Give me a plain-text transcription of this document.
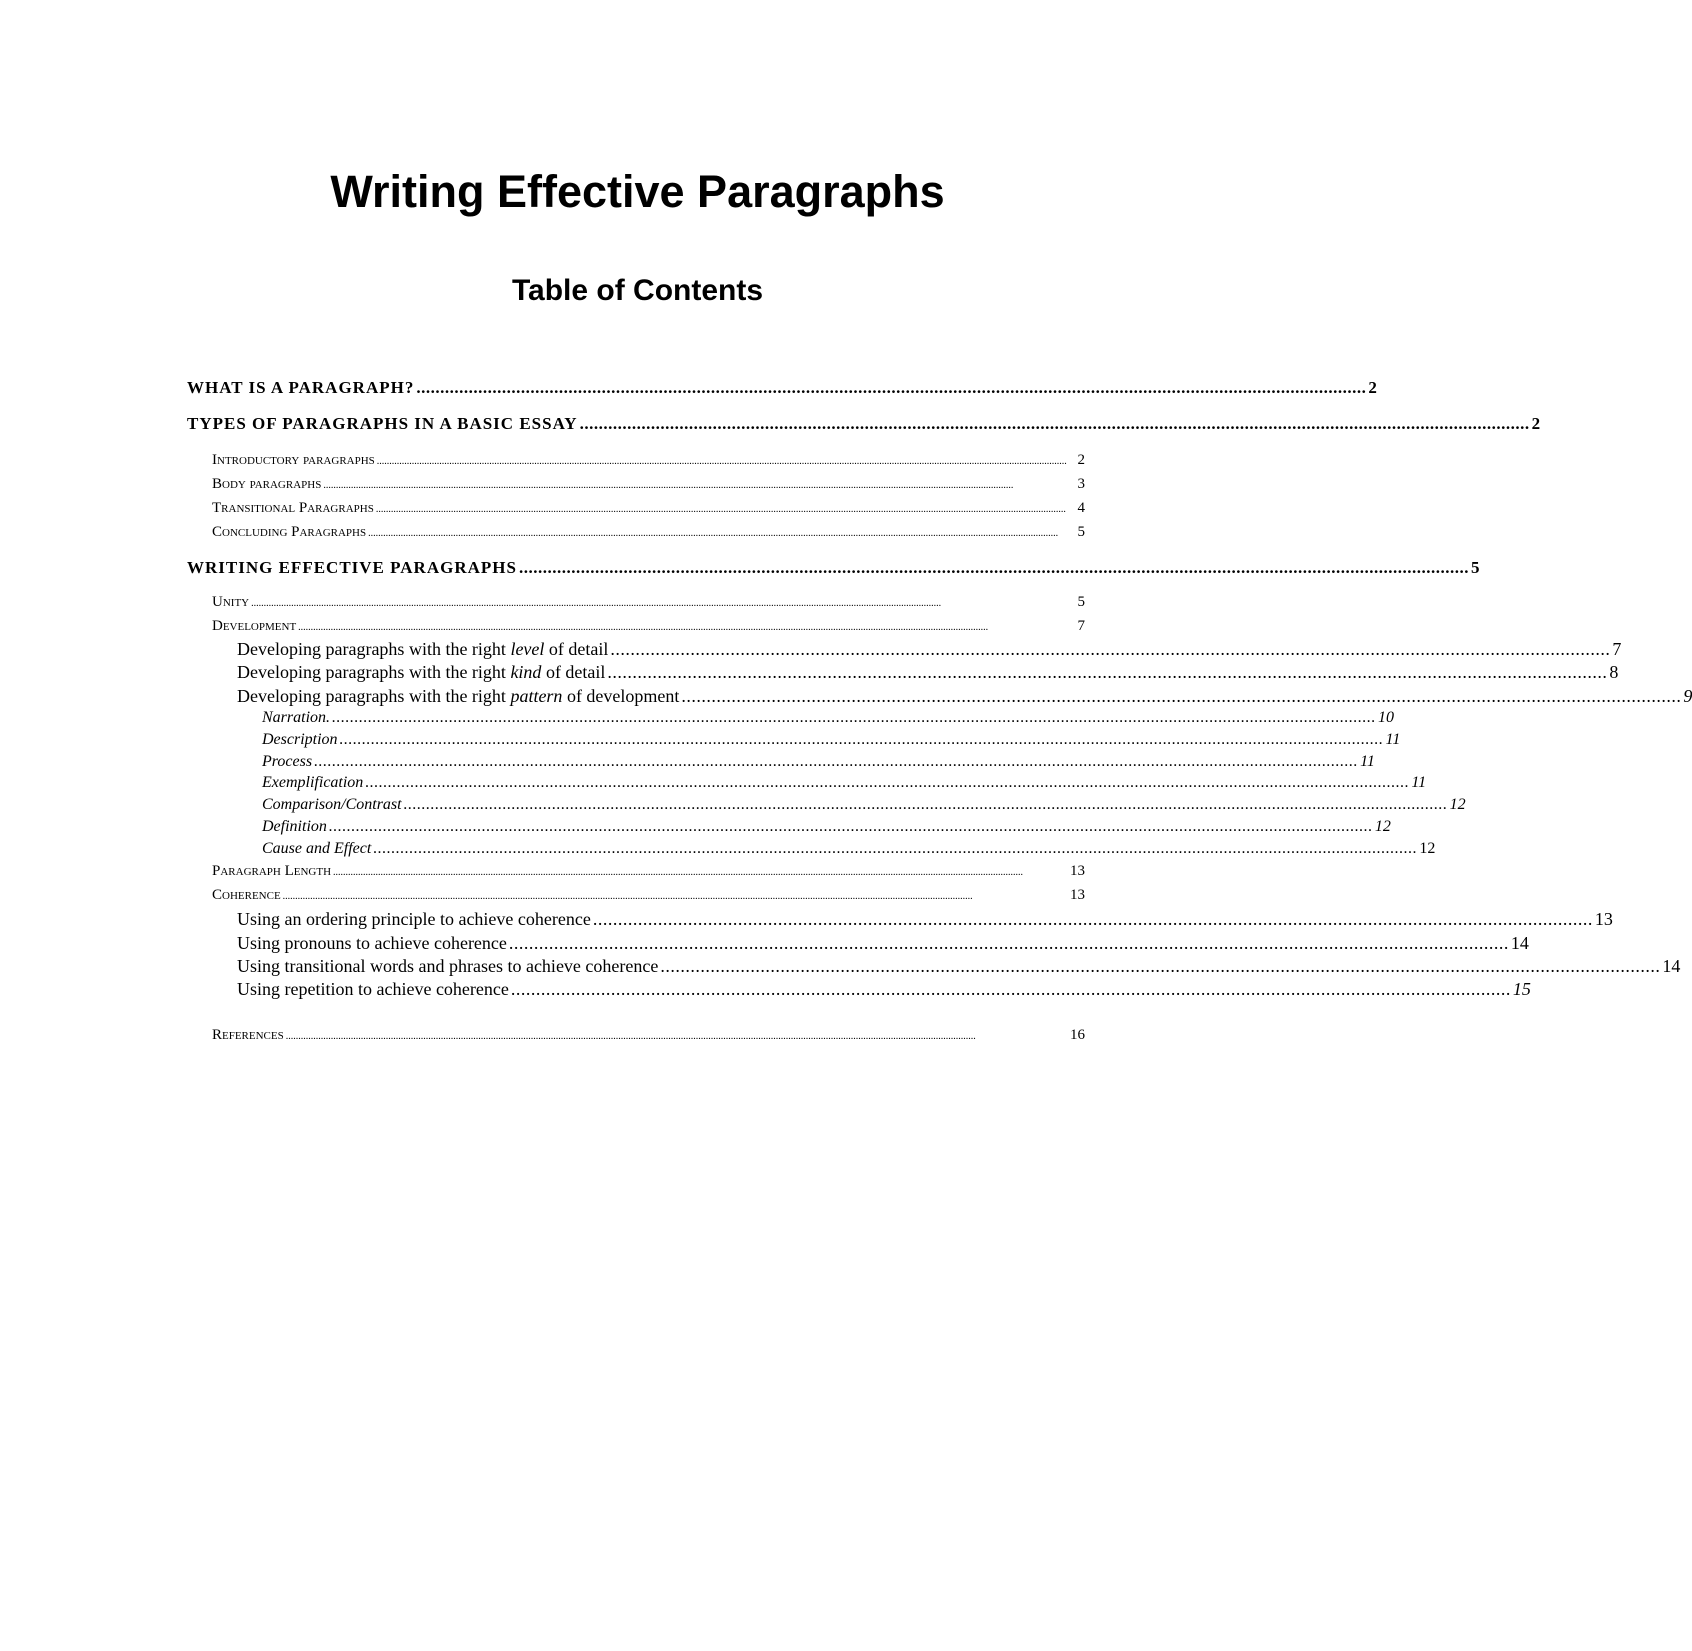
Writing Effective Paragraphs
Table of Contents
WHAT IS A PARAGRAPH? ........................................................................................................................................................................................................ 2
TYPES OF PARAGRAPHS IN A BASIC ESSAY ........................................................................................................................................................................................................ 2
Introductory paragraphs .................................................................................................................................................................................................................................................................................... 2
Body paragraphs ....................................................................................................................................................................................................................................................................................	3
Transitional Paragraphs .................................................................................................................................................................................................................................................................................... 4
Concluding Paragraphs ....................................................................................................................................................................................................................................................................................	5
WRITING EFFECTIVE PARAGRAPHS ........................................................................................................................................................................................................ 5
Unity ....................................................................................................................................................................................................................................................................................	5
Development ....................................................................................................................................................................................................................................................................................	7
Developing paragraphs with the right level of detail ........................................................................................................................................................................................................ 7
Developing paragraphs with the right kind of detail ........................................................................................................................................................................................................ 8
Developing paragraphs with the right pattern of development ........................................................................................................................................................................................................ 9
Narration. ........................................................................................................................................................................................................................................ 10
Description ........................................................................................................................................................................................................................................ 11
Process ........................................................................................................................................................................................................................................ 11
Exemplification ........................................................................................................................................................................................................................................ 11
Comparison/Contrast ........................................................................................................................................................................................................................................ 12
Definition ........................................................................................................................................................................................................................................ 12
Cause and Effect ........................................................................................................................................................................................................................................ 12
Paragraph Length ....................................................................................................................................................................................................................................................................................	13
Coherence ....................................................................................................................................................................................................................................................................................	13
Using an ordering principle to achieve coherence ........................................................................................................................................................................................................ 13
Using pronouns to achieve coherence ........................................................................................................................................................................................................ 14
Using transitional words and phrases to achieve coherence ........................................................................................................................................................................................................ 14
Using repetition to achieve coherence ........................................................................................................................................................................................................ 15
References ....................................................................................................................................................................................................................................................................................	16
